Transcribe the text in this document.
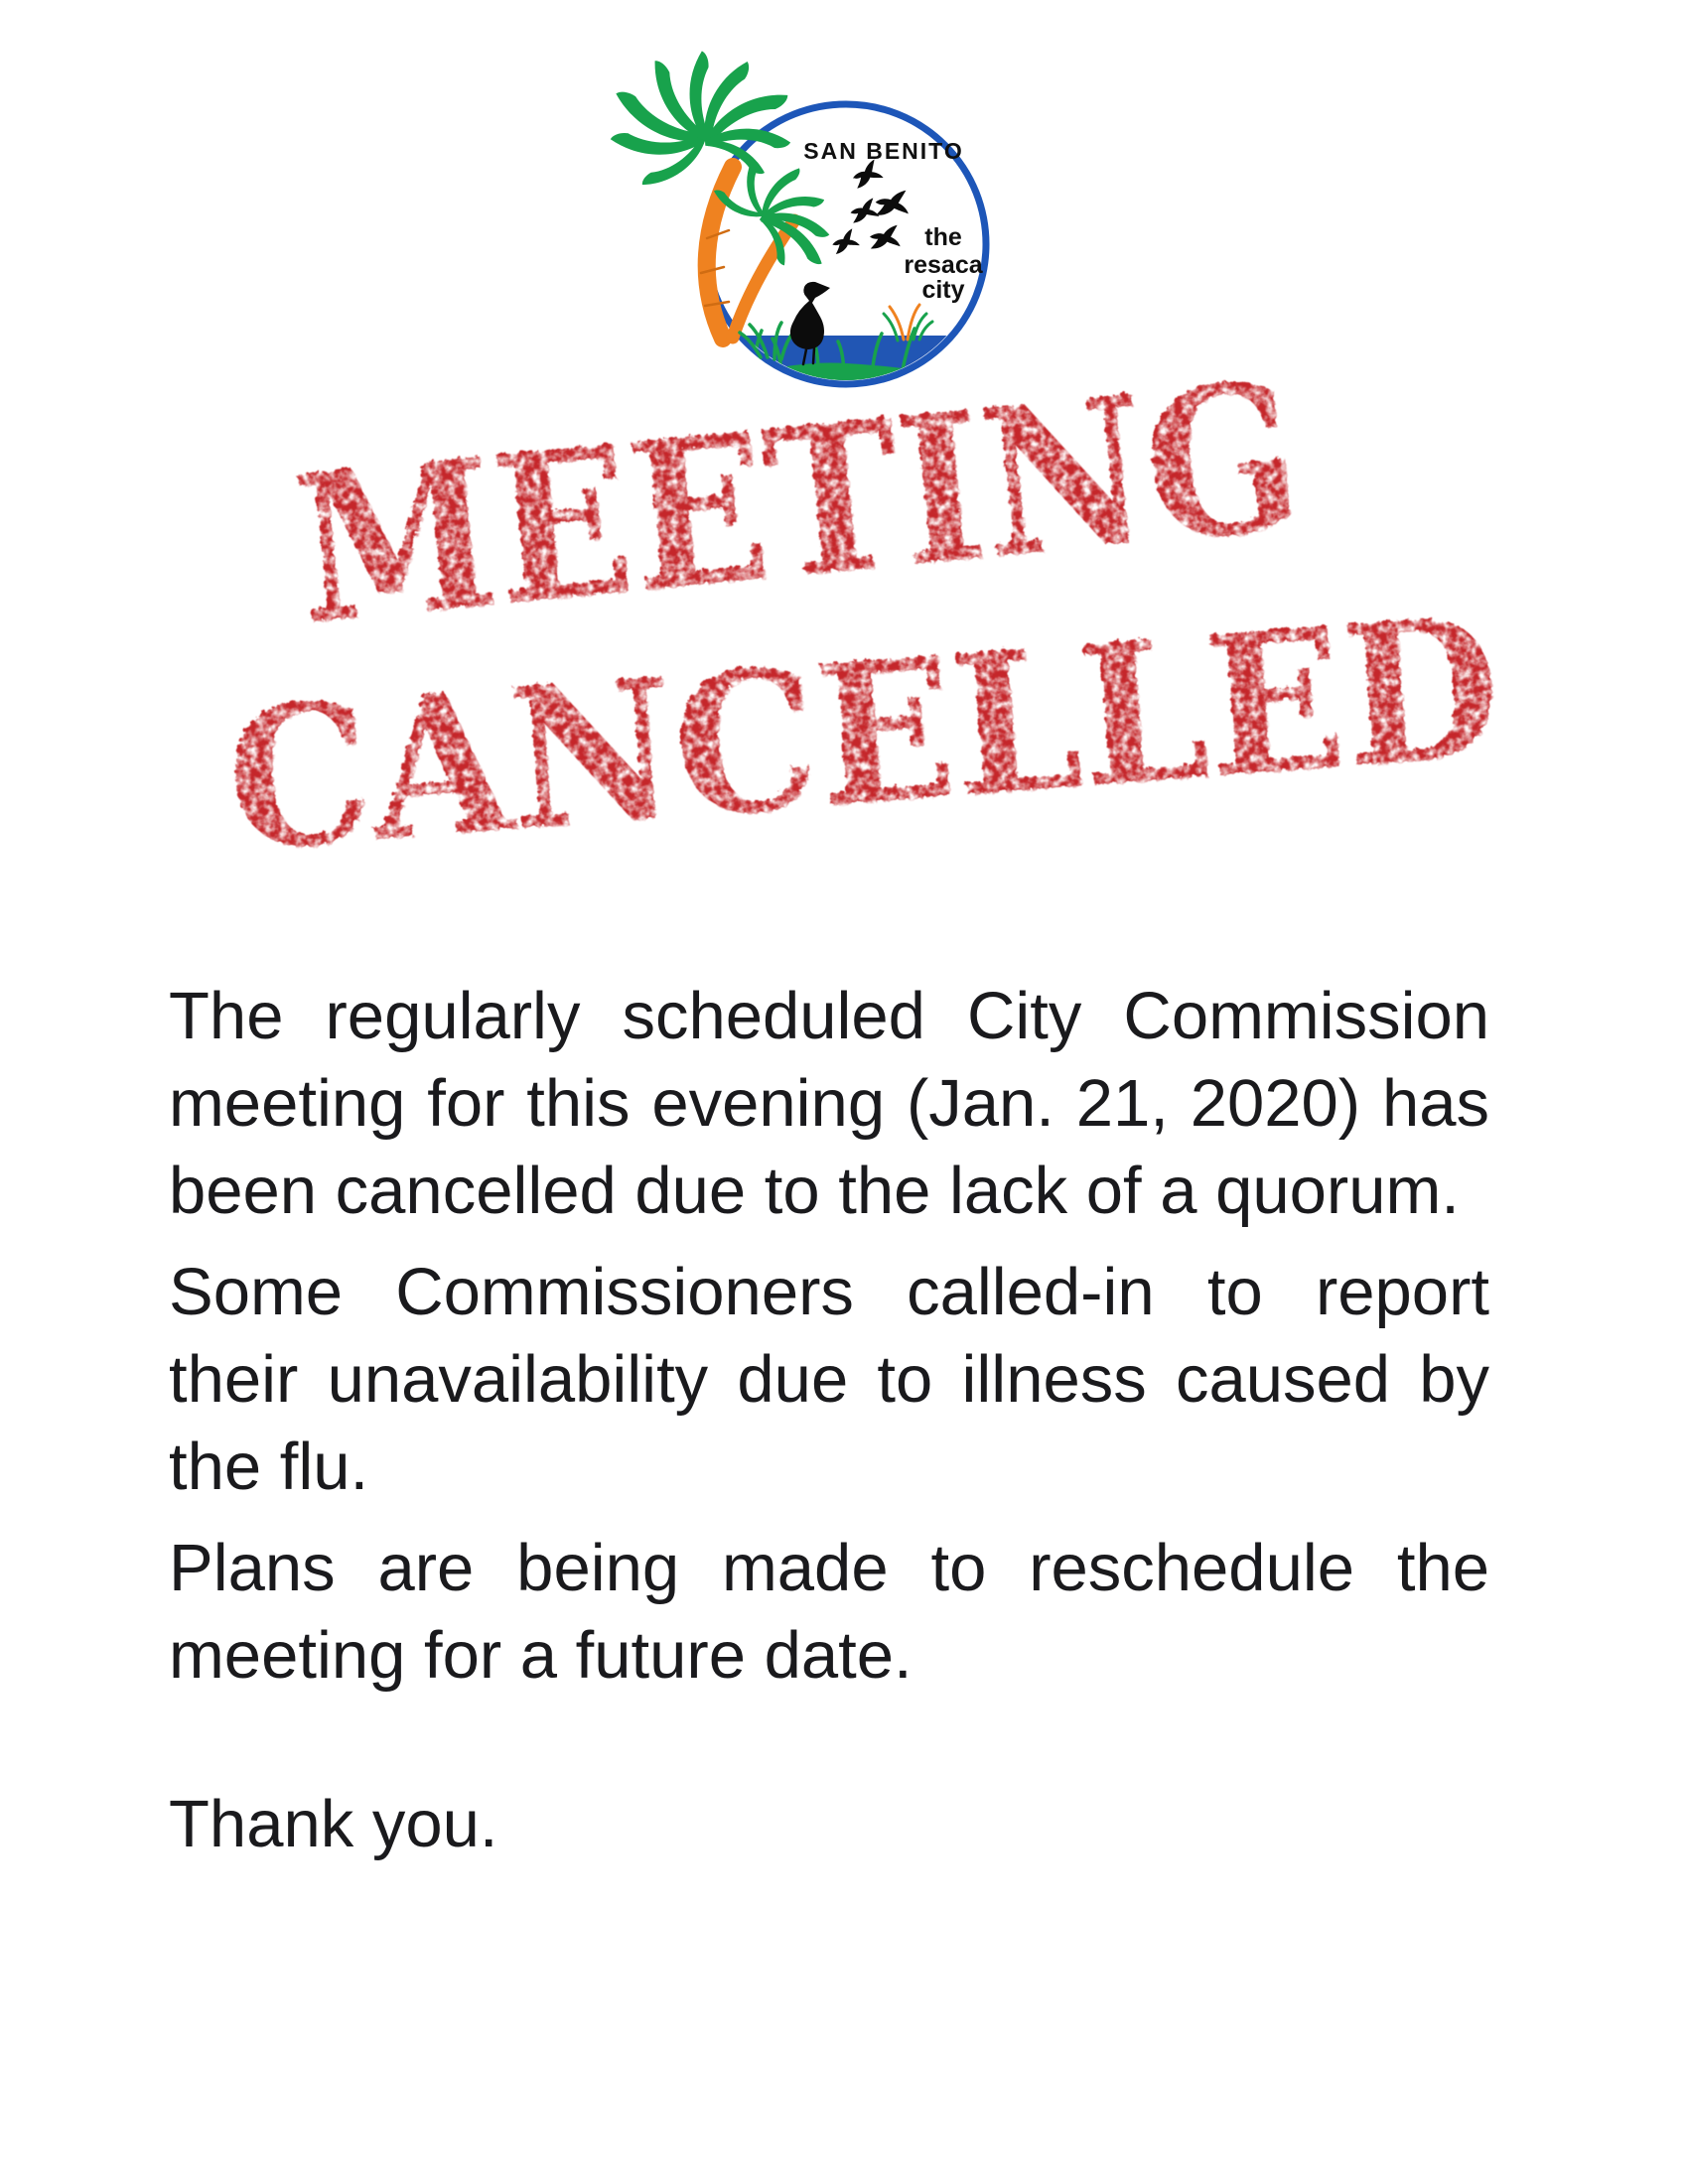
SAN BENITO
the
resaca
city
MEETING
CANCELLED

The regularly scheduled City Commission meeting for this evening (Jan. 21, 2020) has been cancelled due to the lack of a quorum.

Some Commissioners called-in to report their unavailability due to illness caused by the flu.

Plans are being made to reschedule the meeting for a future date.

Thank you.
